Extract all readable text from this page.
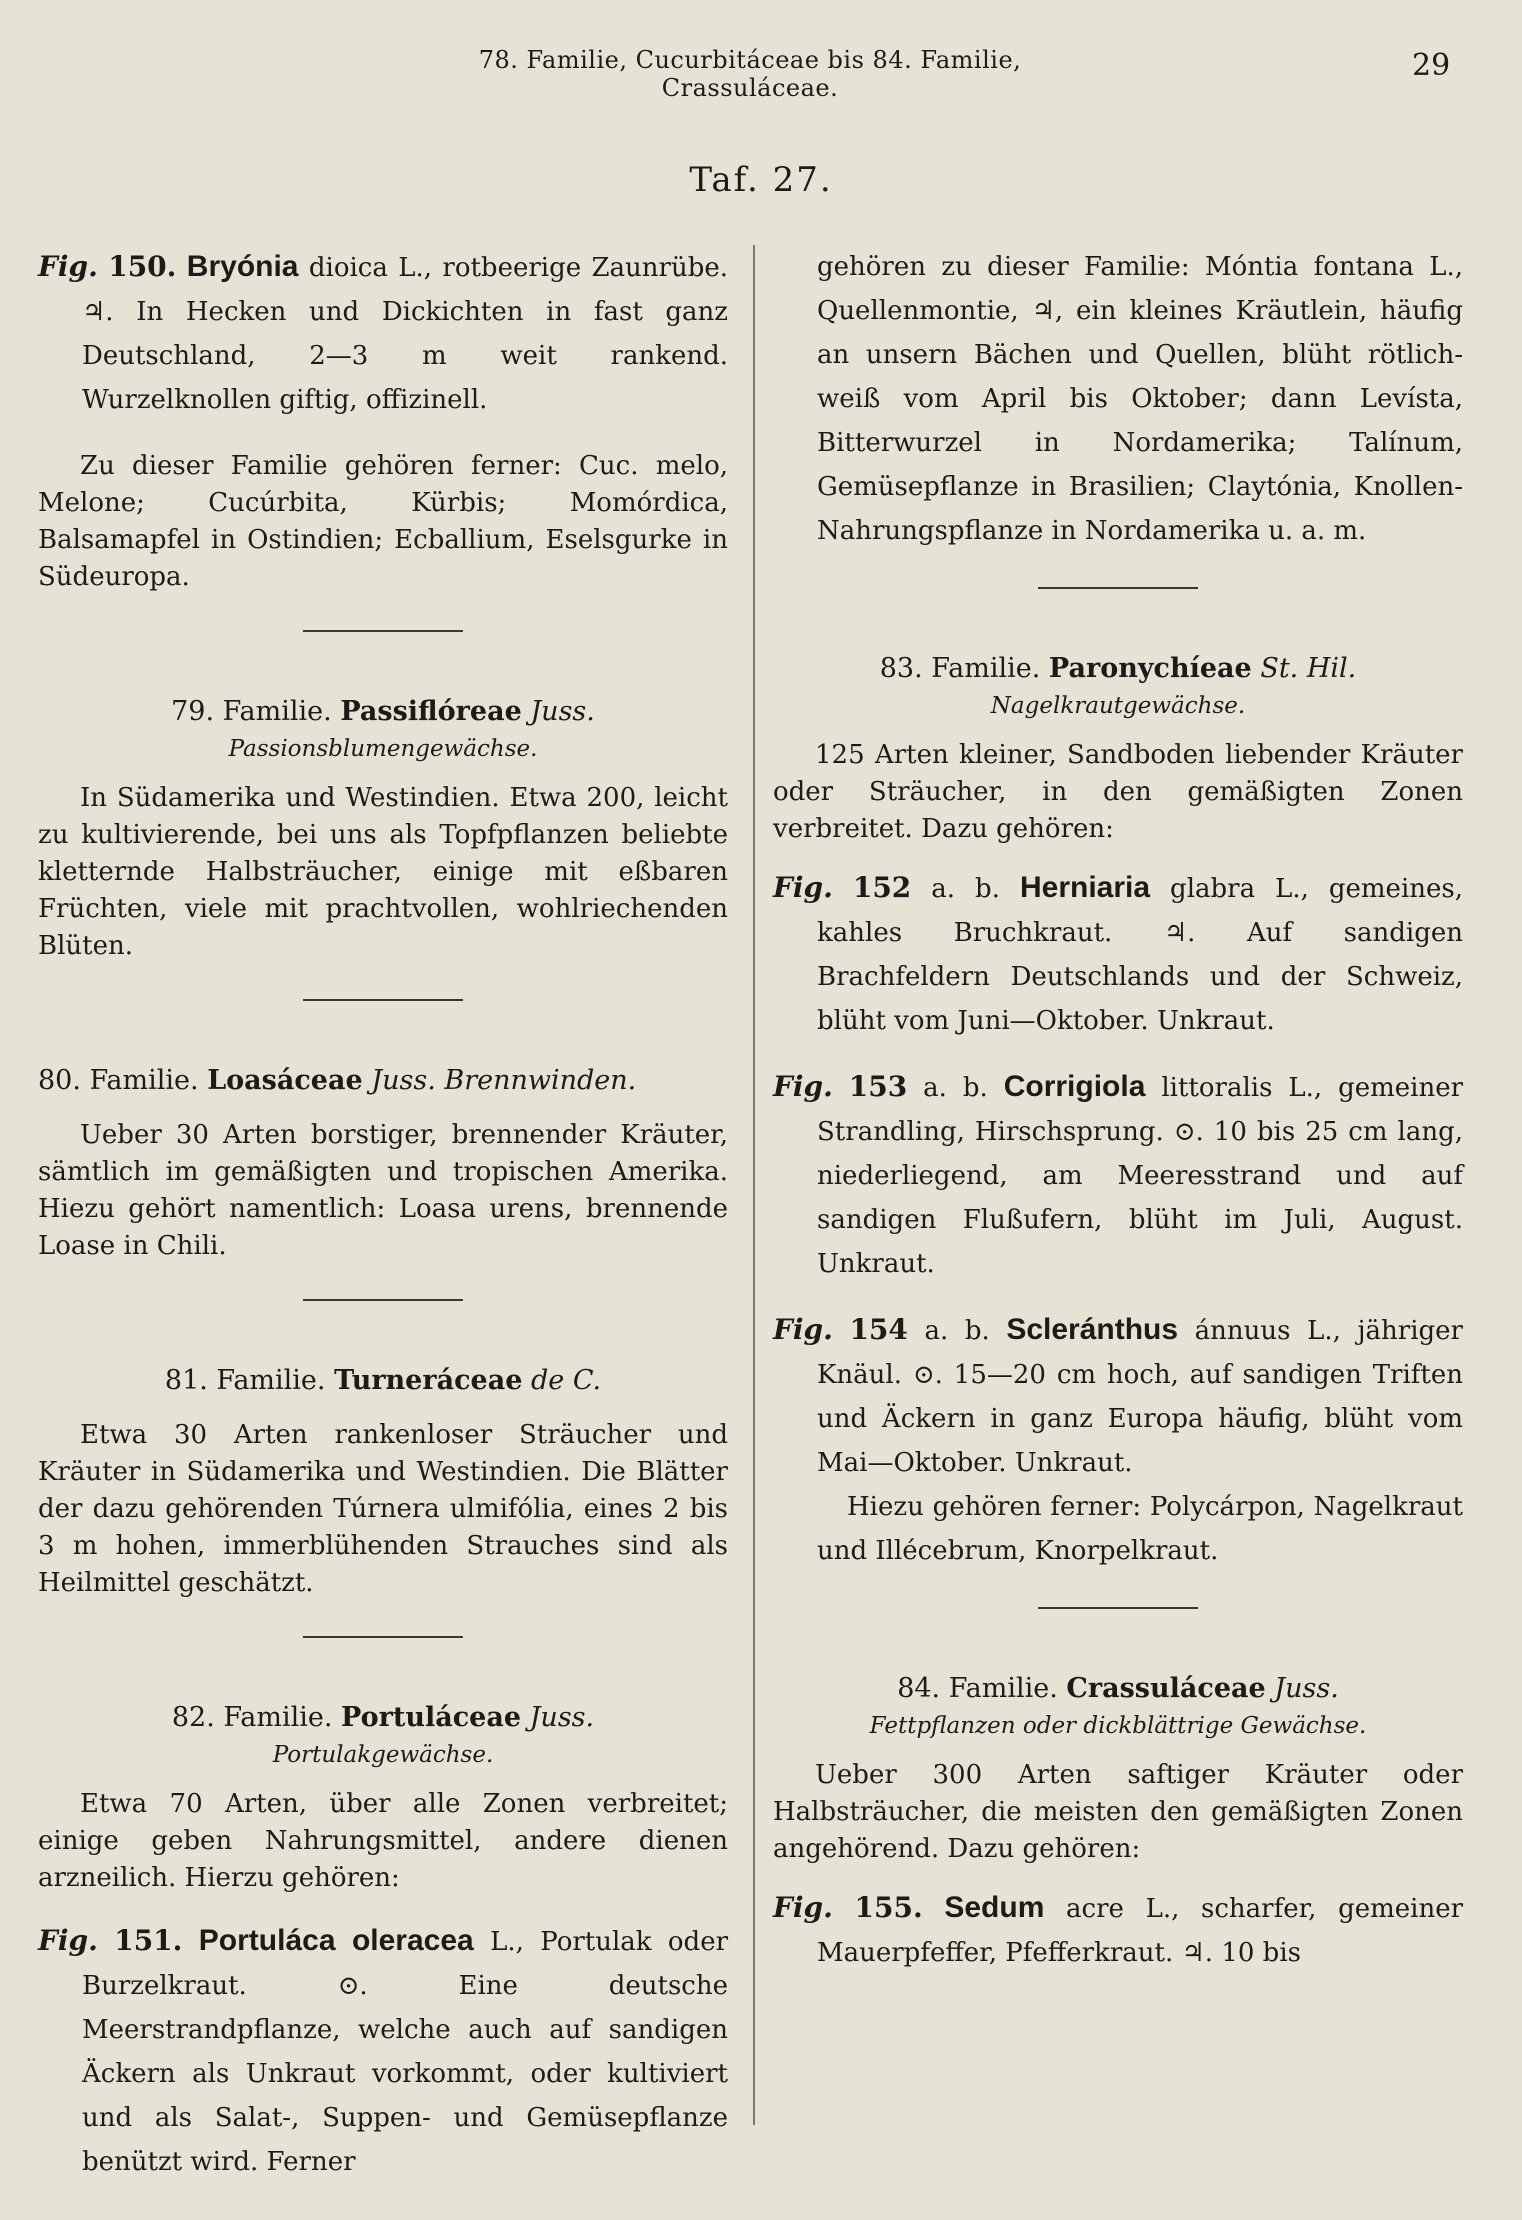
78. Familie, Cucurbitáceae bis 84. Familie, Crassuláceae.
29
Taf. 27.

Fig. 150. Bryónia dioica L., rotbeerige Zaunrübe. ♃. In Hecken und Dickichten in fast ganz Deutschland, 2—3 m weit rankend. Wurzelknollen giftig, offizinell.

Zu dieser Familie gehören ferner: Cuc. melo, Melone; Cucúrbita, Kürbis; Momórdica, Balsamapfel in Ostindien; Ecballium, Eselsgurke in Südeuropa.

79. Familie. Passiflóreae Juss.

Passionsblumengewächse.

In Südamerika und Westindien. Etwa 200, leicht zu kultivierende, bei uns als Topfpflanzen beliebte kletternde Halbsträucher, einige mit eßbaren Früchten, viele mit prachtvollen, wohlriechenden Blüten.

80. Familie. Loasáceae Juss. Brennwinden.

Ueber 30 Arten borstiger, brennender Kräuter, sämtlich im gemäßigten und tropischen Amerika. Hiezu gehört namentlich: Loasa urens, brennende Loase in Chili.

81. Familie. Turneráceae de C.

Etwa 30 Arten rankenloser Sträucher und Kräuter in Südamerika und Westindien. Die Blätter der dazu gehörenden Túrnera ulmifólia, eines 2 bis 3 m hohen, immerblühenden Strauches sind als Heilmittel geschätzt.

82. Familie. Portuláceae Juss.

Portulakgewächse.

Etwa 70 Arten, über alle Zonen verbreitet; einige geben Nahrungsmittel, andere dienen arzneilich. Hierzu gehören:

Fig. 151. Portuláca oleracea L., Portulak oder Burzelkraut. ⊙. Eine deutsche Meerstrandpflanze, welche auch auf sandigen Äckern als Unkraut vorkommt, oder kultiviert und als Salat-, Suppen- und Gemüsepflanze benützt wird. Ferner

gehören zu dieser Familie: Móntia fontana L., Quellenmontie, ♃, ein kleines Kräutlein, häufig an unsern Bächen und Quellen, blüht rötlich-weiß vom April bis Oktober; dann Levísta, Bitterwurzel in Nordamerika; Talínum, Gemüsepflanze in Brasilien; Claytónia, Knollen-Nahrungspflanze in Nordamerika u. a. m.

83. Familie. Paronychíeae St. Hil.

Nagelkrautgewächse.

125 Arten kleiner, Sandboden liebender Kräuter oder Sträucher, in den gemäßigten Zonen verbreitet. Dazu gehören:

Fig. 152 a. b. Herniaria glabra L., gemeines, kahles Bruchkraut. ♃. Auf sandigen Brachfeldern Deutschlands und der Schweiz, blüht vom Juni—Oktober. Unkraut.

Fig. 153 a. b. Corrigiola littoralis L., gemeiner Strandling, Hirschsprung. ⊙. 10 bis 25 cm lang, niederliegend, am Meeresstrand und auf sandigen Flußufern, blüht im Juli, August. Unkraut.

Fig. 154 a. b. Scleránthus ánnuus L., jähriger Knäul. ⊙. 15—20 cm hoch, auf sandigen Triften und Äckern in ganz Europa häufig, blüht vom Mai—Oktober. Unkraut.

Hiezu gehören ferner: Polycárpon, Nagelkraut und Illécebrum, Knorpelkraut.

84. Familie. Crassuláceae Juss.

Fettpflanzen oder dickblättrige Gewächse.

Ueber 300 Arten saftiger Kräuter oder Halbsträucher, die meisten den gemäßigten Zonen angehörend. Dazu gehören:

Fig. 155. Sedum acre L., scharfer, gemeiner Mauerpfeffer, Pfefferkraut. ♃. 10 bis
